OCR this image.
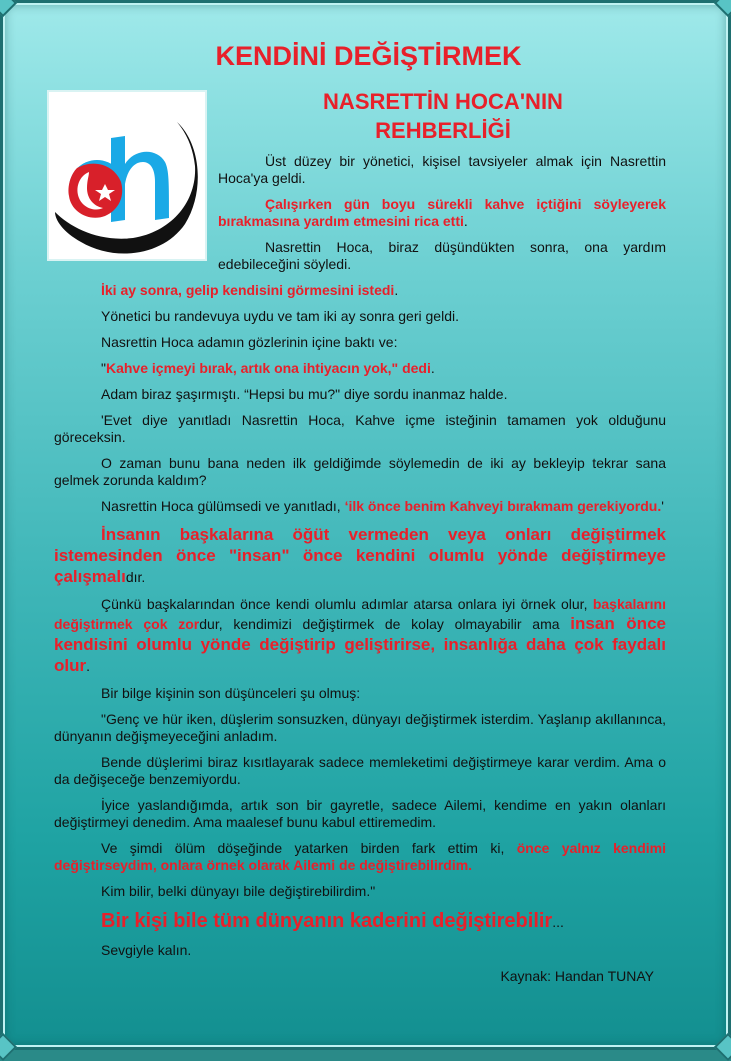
KENDİNİ DEĞİŞTİRMEK
NASRETTİN HOCA'NIN
REHBERLİĞİ

Üst düzey bir yönetici, kişisel tavsiyeler almak için Nasrettin Hoca'ya geldi.

Çalışırken gün boyu sürekli kahve içtiğini söyleyerek bırakmasına yardım etmesini rica etti.

Nasrettin Hoca, biraz düşündükten sonra, ona yardım edebileceğini söyledi.

İki ay sonra, gelip kendisini görmesini istedi.

Yönetici bu randevuya uydu ve tam iki ay sonra geri geldi.

Nasrettin Hoca adamın gözlerinin içine baktı ve:

"Kahve içmeyi bırak, artık ona ihtiyacın yok," dedi.

Adam biraz şaşırmıştı. “Hepsi bu mu?" diye sordu inanmaz halde.

'Evet diye yanıtladı Nasrettin Hoca, Kahve içme isteğinin tamamen yok olduğunu göreceksin.

O zaman bunu bana neden ilk geldiğimde söylemedin de iki ay bekleyip tekrar sana gelmek zorunda kaldım?

Nasrettin Hoca gülümsedi ve yanıtladı, ‘ilk önce benim Kahveyi bırakmam gerekiyordu.'

İnsanın başkalarına öğüt vermeden veya onları değiştirmek istemesinden önce "insan" önce kendini olumlu yönde değiştirmeye çalışmalıdır.

Çünkü başkalarından önce kendi olumlu adımlar atarsa onlara iyi örnek olur, başkalarını değiştirmek çok zordur, kendimizi değiştirmek de kolay olmayabilir ama insan önce kendisini olumlu yönde değiştirip geliştirirse, insanlığa daha çok faydalı olur.

Bir bilge kişinin son düşünceleri şu olmuş:

"Genç ve hür iken, düşlerim sonsuzken, dünyayı değiştirmek isterdim. Yaşlanıp akıllanınca, dünyanın değişmeyeceğini anladım.

Bende düşlerimi biraz kısıtlayarak sadece memleketimi değiştirmeye karar verdim. Ama o da değişeceğe benzemiyordu.

İyice yaslandığımda, artık son bir gayretle, sadece Ailemi, kendime en yakın olanları değiştirmeyi denedim. Ama maalesef bunu kabul ettiremedim.

Ve şimdi ölüm döşeğinde yatarken birden fark ettim ki, önce yalnız kendimi değiştirseydim, onlara örnek olarak Ailemi de değiştirebilirdim.

Kim bilir, belki dünyayı bile değiştirebilirdim."

Bir kişi bile tüm dünyanın kaderini değiştirebilir...

Sevgiyle kalın.

Kaynak: Handan TUNAY
